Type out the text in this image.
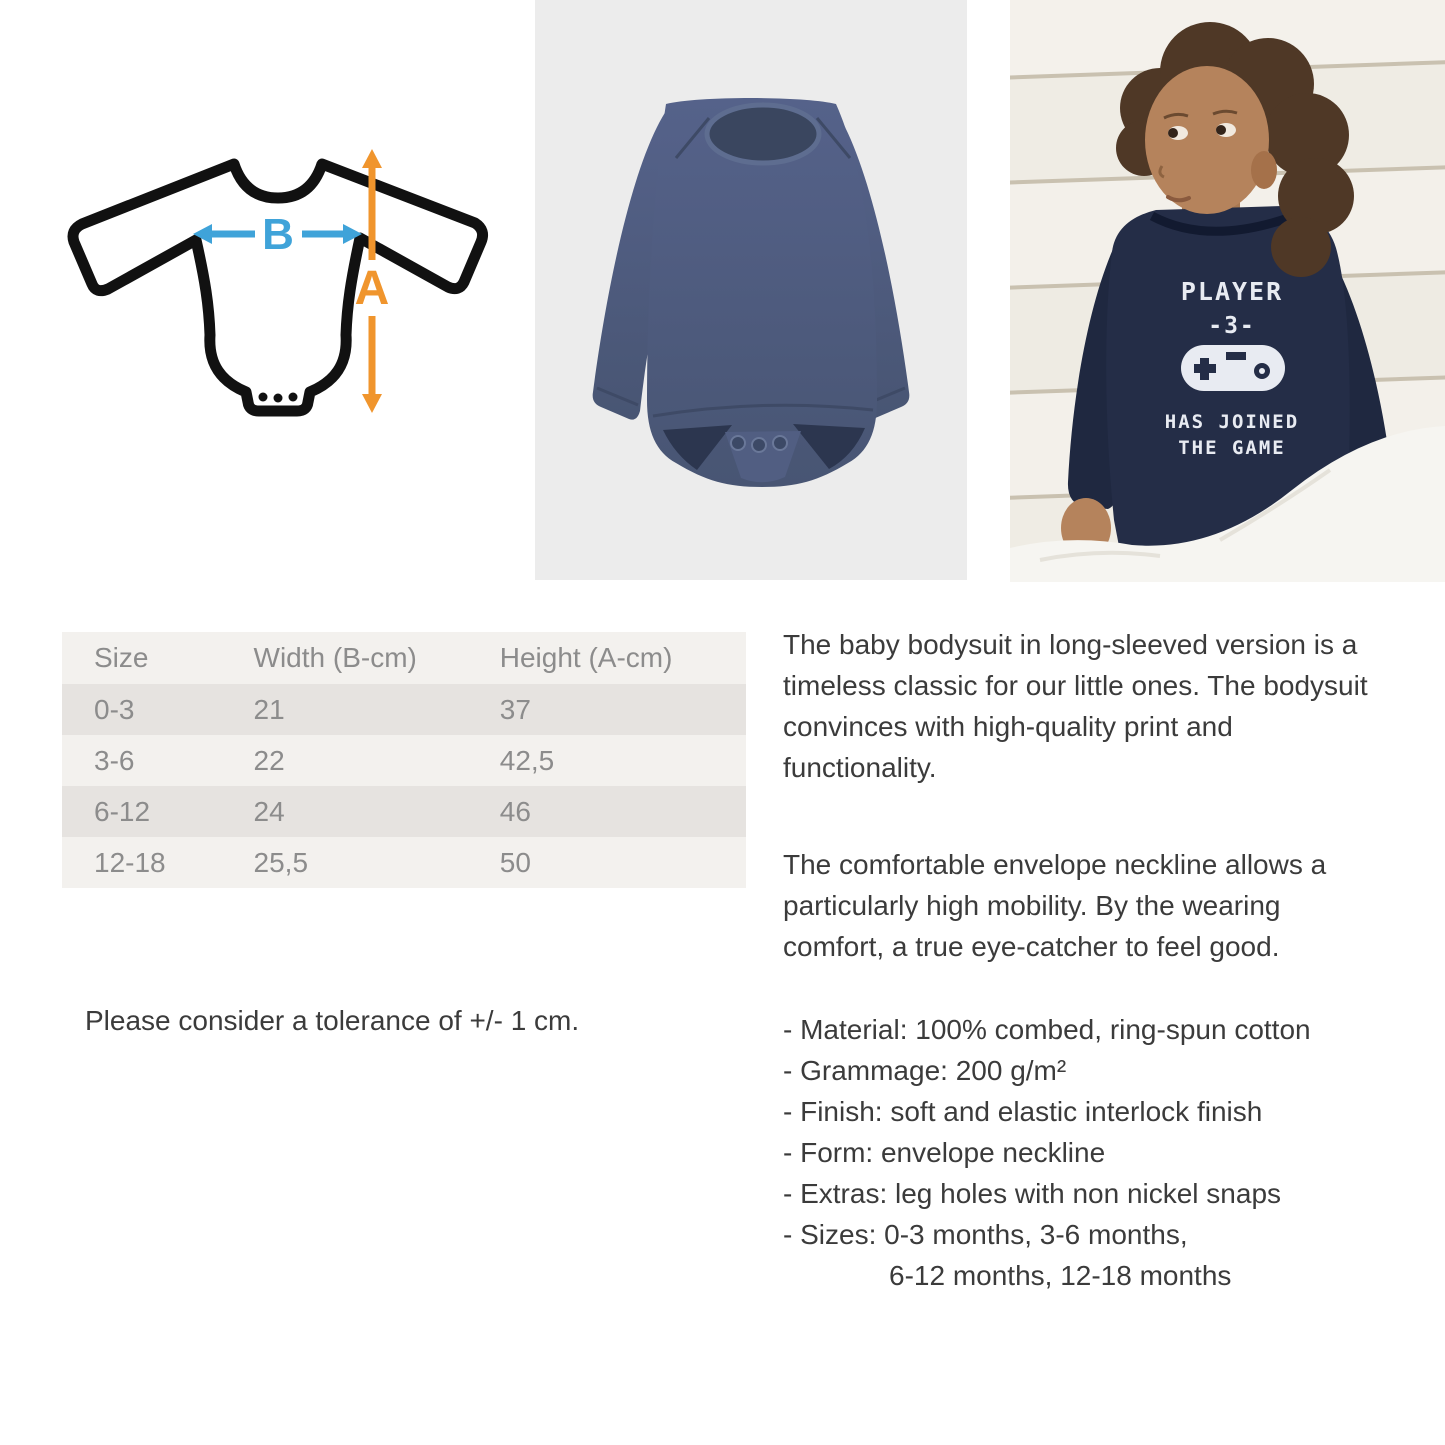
B
A	PLAYER
-3-
HAS JOINED
THE GAME
Size	Width (B-cm)	Height (A-cm)
0-3	21	37
3-6	22	42,5
6-12	24	46
12-18	25,5	50
Please consider a tolerance of +/- 1 cm.
The baby bodysuit in long-sleeved version is a
timeless classic for our little ones. The bodysuit
convinces with high-quality print and
functionality.
The comfortable envelope neckline allows a
particularly high mobility. By the wearing
comfort, a true eye-catcher to feel good.
- Material: 100% combed, ring-spun cotton
- Grammage: 200 g/m²
- Finish: soft and elastic interlock finish
- Form: envelope neckline
- Extras: leg holes with non nickel snaps
- Sizes: 0-3 months, 3-6 months,
6-12 months, 12-18 months
